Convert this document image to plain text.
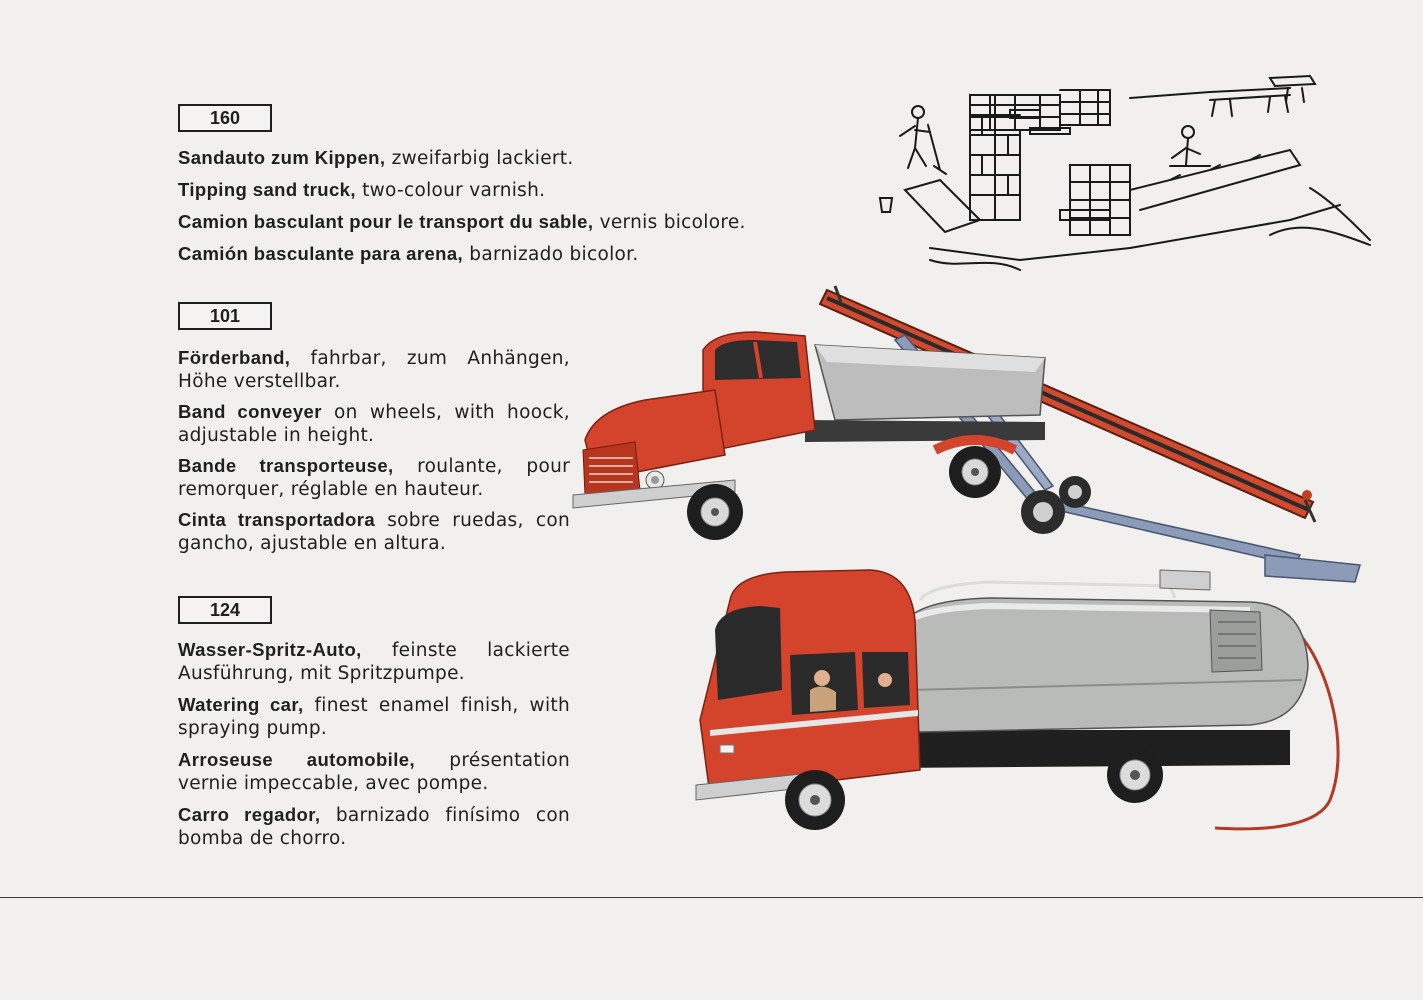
160

Sandauto zum Kippen, zweifarbig lackiert.

Tipping sand truck, two-colour varnish.

Camion basculant pour le transport du sable, vernis bicolore.

Camión basculante para arena, barnizado bicolor.

101

Förderband, fahrbar, zum Anhängen, Höhe verstellbar.

Band conveyer on wheels, with hoock, adjustable in height.

Bande transporteuse, roulante, pour remorquer, réglable en hauteur.

Cinta transportadora sobre ruedas, con gancho, ajustable en altura.

124

Wasser-Spritz-Auto, feinste lackierte Ausführung, mit Spritzpumpe.

Watering car, finest enamel finish, with spraying pump.

Arroseuse automobile, présentation vernie impeccable, avec pompe.

Carro regador, barnizado finísimo con bomba de chorro.
